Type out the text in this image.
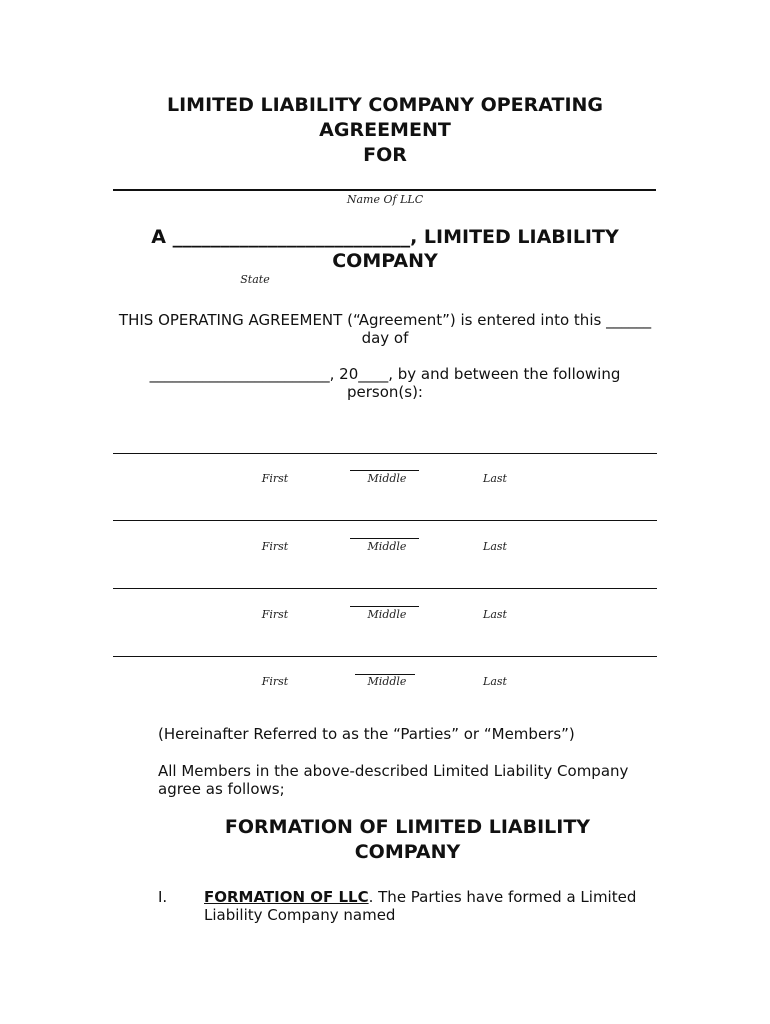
LIMITED LIABILITY COMPANY OPERATING
AGREEMENT
FOR
Name Of LLC
A _________________________, LIMITED LIABILITY
COMPANY
State
THIS OPERATING AGREEMENT (“Agreement”) is entered into this ______
day of
________________________, 20____, by and between the following
person(s):
First	Middle	Last
First	Middle	Last
First	Middle	Last
First	Middle	Last
(Hereinafter Referred to as the “Parties” or “Members”)
All Members in the above-described Limited Liability Company
agree as follows;
FORMATION OF LIMITED LIABILITY
COMPANY
I. FORMATION OF LLC. The Parties have formed a Limited
Liability Company named
